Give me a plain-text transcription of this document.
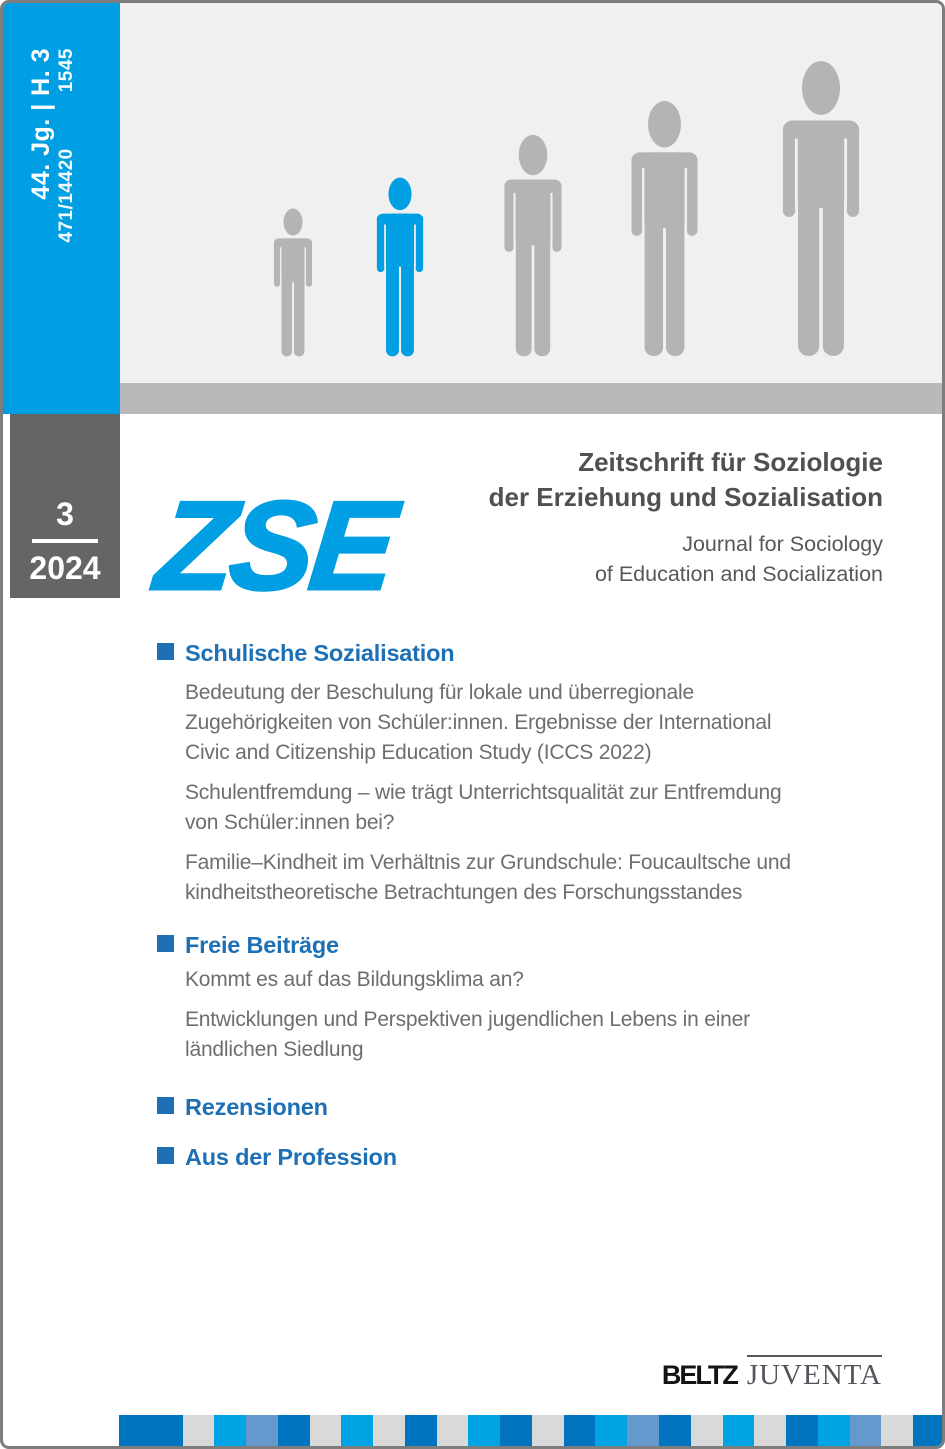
44. Jg. | H. 3 471/144201545
3
2024 ZSE
Zeitschrift für Soziologie
der Erziehung und Sozialisation
Journal for Sociology
of Education and Socialization
Schulische Sozialisation
Bedeutung der Beschulung für lokale und überregionale
Zugehörigkeiten von Schüler:innen. Ergebnisse der International
Civic and Citizenship Education Study (ICCS 2022)
Schulentfremdung – wie trägt Unterrichtsqualität zur Entfremdung
von Schüler:innen bei?
Familie–Kindheit im Verhältnis zur Grundschule: Foucaultsche und
kindheitstheoretische Betrachtungen des Forschungsstandes
Freie Beiträge
Kommt es auf das Bildungsklima an?
Entwicklungen und Perspektiven jugendlichen Lebens in einer
ländlichen Siedlung
Rezensionen
Aus der Profession
BELTZ JUVENTA
